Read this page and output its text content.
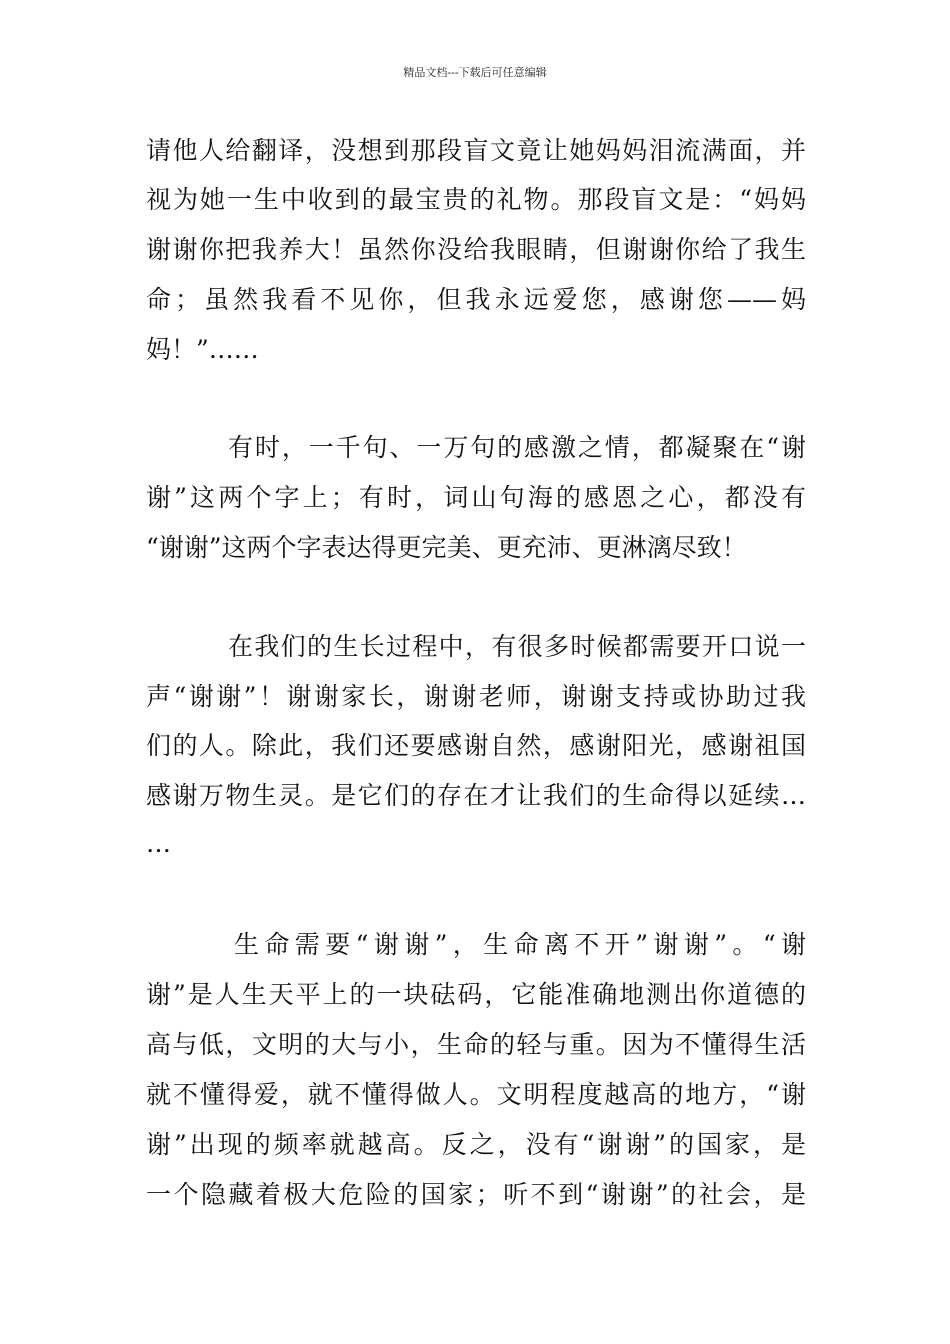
精品文档---下载后可任意编辑
请他人给翻译，没想到那段盲文竟让她妈妈泪流满面，并
视为她一生中收到的最宝贵的礼物。那段盲文是：“妈妈
谢谢你把我养大！虽然你没给我眼睛，但谢谢你给了我生
命；虽然我看不见你，但我永远爱您，感谢您——妈
妈！”……
有时，一千句、一万句的感激之情，都凝聚在“谢
谢”这两个字上；有时，词山句海的感恩之心，都没有
“谢谢”这两个字表达得更完美、更充沛、更淋漓尽致！
在我们的生长过程中，有很多时候都需要开口说一
声“谢谢”！谢谢家长，谢谢老师，谢谢支持或协助过我
们的人。除此，我们还要感谢自然，感谢阳光，感谢祖国
感谢万物生灵。是它们的存在才让我们的生命得以延续…
…
生命需要“谢谢”，生命离不开”谢谢”。“谢
谢”是人生天平上的一块砝码，它能准确地测出你道德的
高与低，文明的大与小，生命的轻与重。因为不懂得生活
就不懂得爱，就不懂得做人。文明程度越高的地方，“谢
谢”出现的频率就越高。反之，没有“谢谢”的国家，是
一个隐藏着极大危险的国家；听不到“谢谢”的社会，是
